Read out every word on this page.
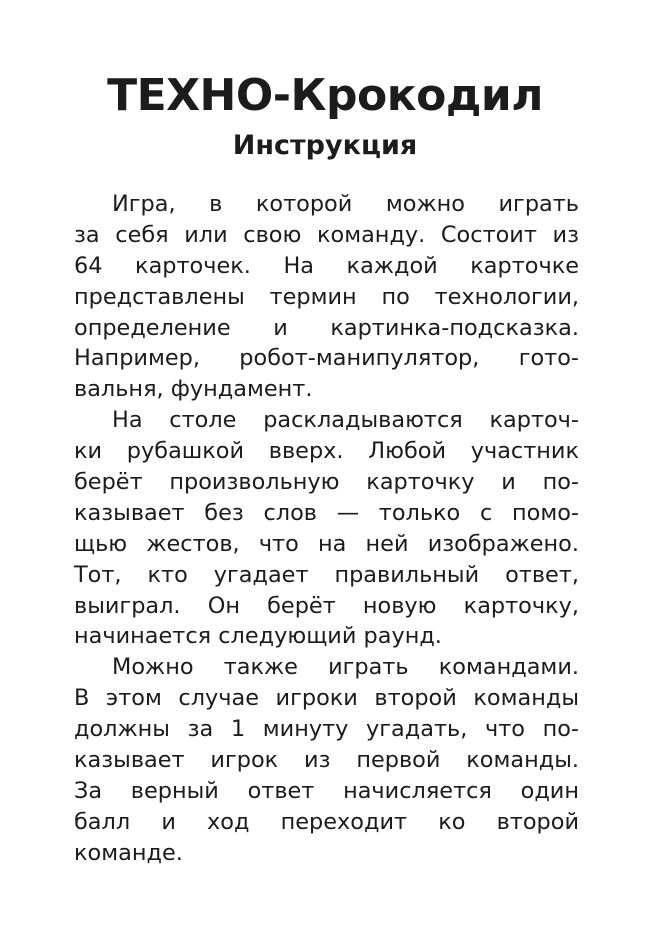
ТЕХНО-Крокодил
Инструкция
Игра, в которой можно играть
за себя или свою команду. Состоит из
64 карточек. На каждой карточке
представлены термин по технологии,
определение и картинка-подсказка.
Например, робот-манипулятор, гото-
вальня, фундамент.
На столе раскладываются карточ-
ки рубашкой вверх. Любой участник
берёт произвольную карточку и по-
казывает без слов — только с помо-
щью жестов, что на ней изображено.
Тот, кто угадает правильный ответ,
выиграл. Он берёт новую карточку,
начинается следующий раунд.
Можно также играть командами.
В этом случае игроки второй команды
должны за 1 минуту угадать, что по-
казывает игрок из первой команды.
За верный ответ начисляется один
балл и ход переходит ко второй
команде.
